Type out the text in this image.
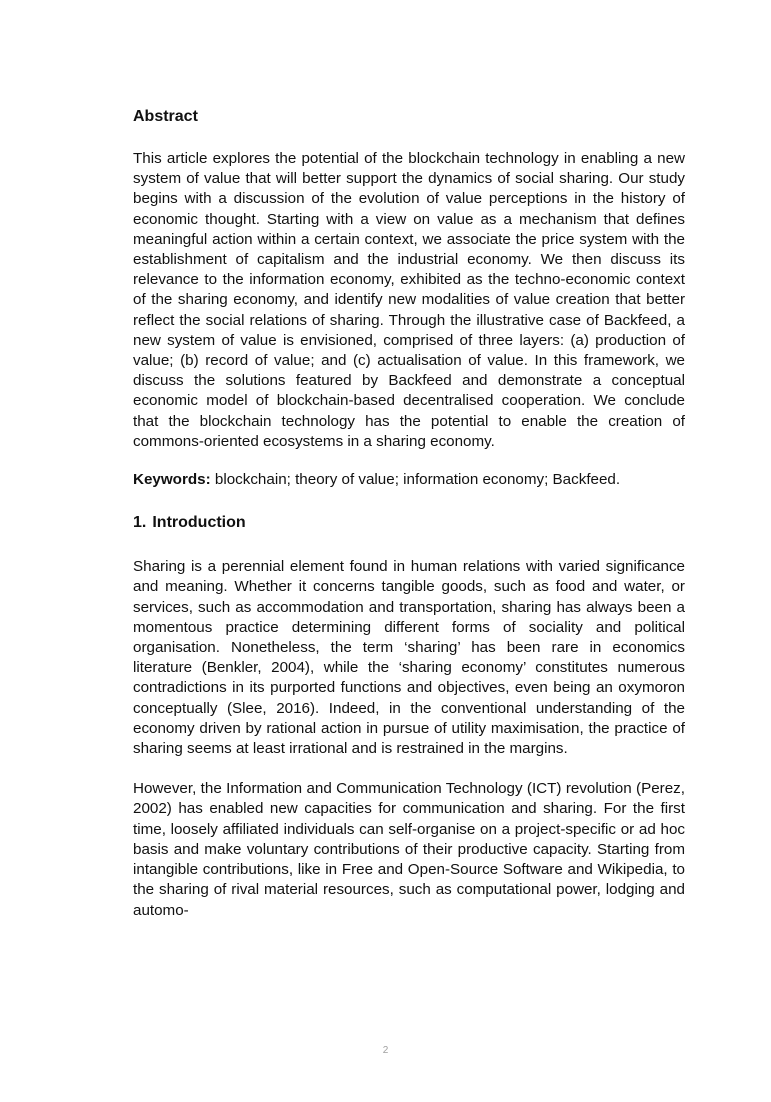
Abstract

This article explores the potential of the blockchain technology in enabling a new system of value that will better support the dynamics of social sharing. Our study begins with a discussion of the evolution of value perceptions in the history of economic thought. Starting with a view on value as a mechanism that defines meaningful action within a certain context, we associate the price system with the establishment of capitalism and the industrial economy. We then discuss its relevance to the information economy, exhibited as the techno-economic context of the sharing economy, and identify new modalities of value creation that better reflect the social relations of sharing. Through the illustrative case of Backfeed, a new system of value is envisioned, comprised of three layers: (a) production of value; (b) record of value; and (c) actualisation of value. In this framework, we discuss the solutions featured by Backfeed and demonstrate a conceptual economic model of blockchain-based decentralised cooperation. We conclude that the blockchain technology has the potential to enable the creation of commons-oriented ecosystems in a sharing economy.

Keywords: blockchain; theory of value; information economy; Backfeed.

1. Introduction

Sharing is a perennial element found in human relations with varied significance and meaning. Whether it concerns tangible goods, such as food and water, or services, such as accommodation and transportation, sharing has always been a momentous practice determining different forms of sociality and political organisation. Nonetheless, the term ‘sharing’ has been rare in economics literature (Benkler, 2004), while the ‘sharing economy’ constitutes numerous contradictions in its purported functions and objectives, even being an oxymoron conceptually (Slee, 2016). Indeed, in the conventional understanding of the economy driven by rational action in pursue of utility maximisation, the practice of sharing seems at least irrational and is restrained in the margins.

However, the Information and Communication Technology (ICT) revolution (Perez, 2002) has enabled new capacities for communication and sharing. For the first time, loosely affiliated individuals can self-organise on a project-specific or ad hoc basis and make voluntary contributions of their productive capacity. Starting from intangible contributions, like in Free and Open-Source Software and Wikipedia, to the sharing of rival material resources, such as computational power, lodging and automo-

2
